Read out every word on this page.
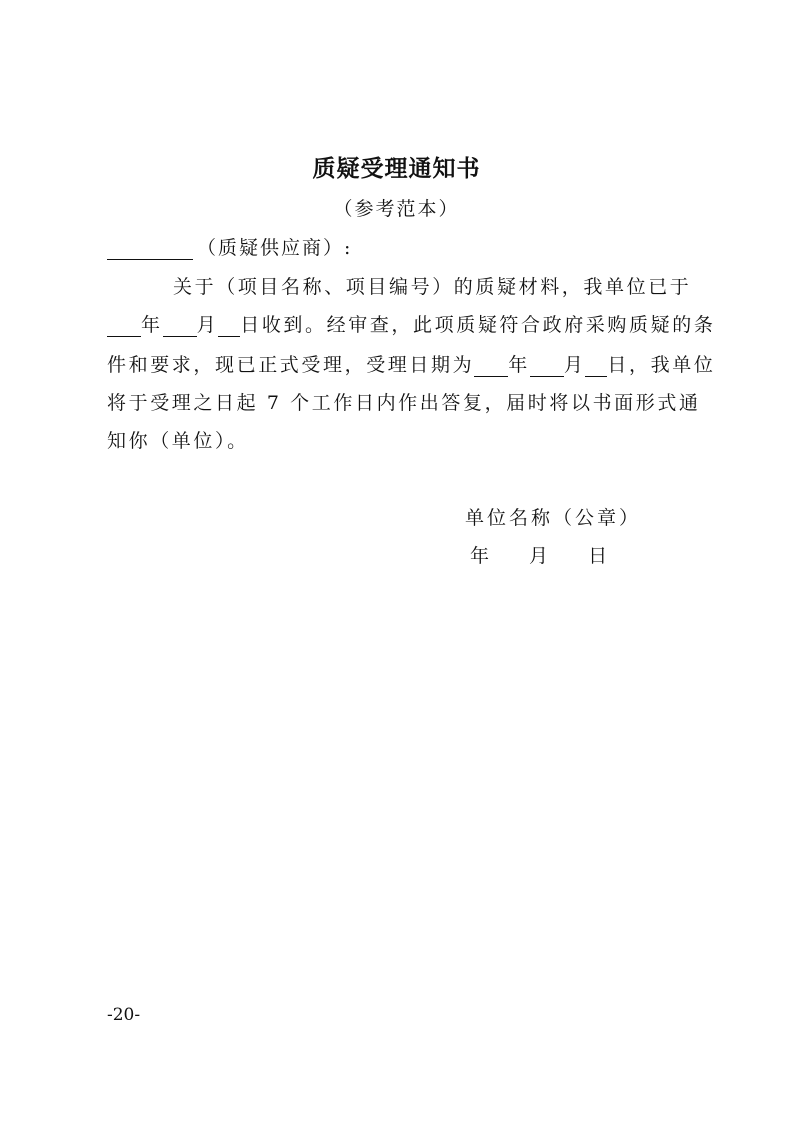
质疑受理通知书
（参考范本）
（质疑供应商）:
关于（项目名称、项目编号）的质疑材料，我单位已于
年 月 日收到。经审查，此项质疑符合政府采购质疑的条
件和要求，现已正式受理，受理日期为 年 月 日，我单位
将于受理之日起 7 个工作日内作出答复，届时将以书面形式通
知你（单位）。
单位名称（公章）
年 月 日
-20-
